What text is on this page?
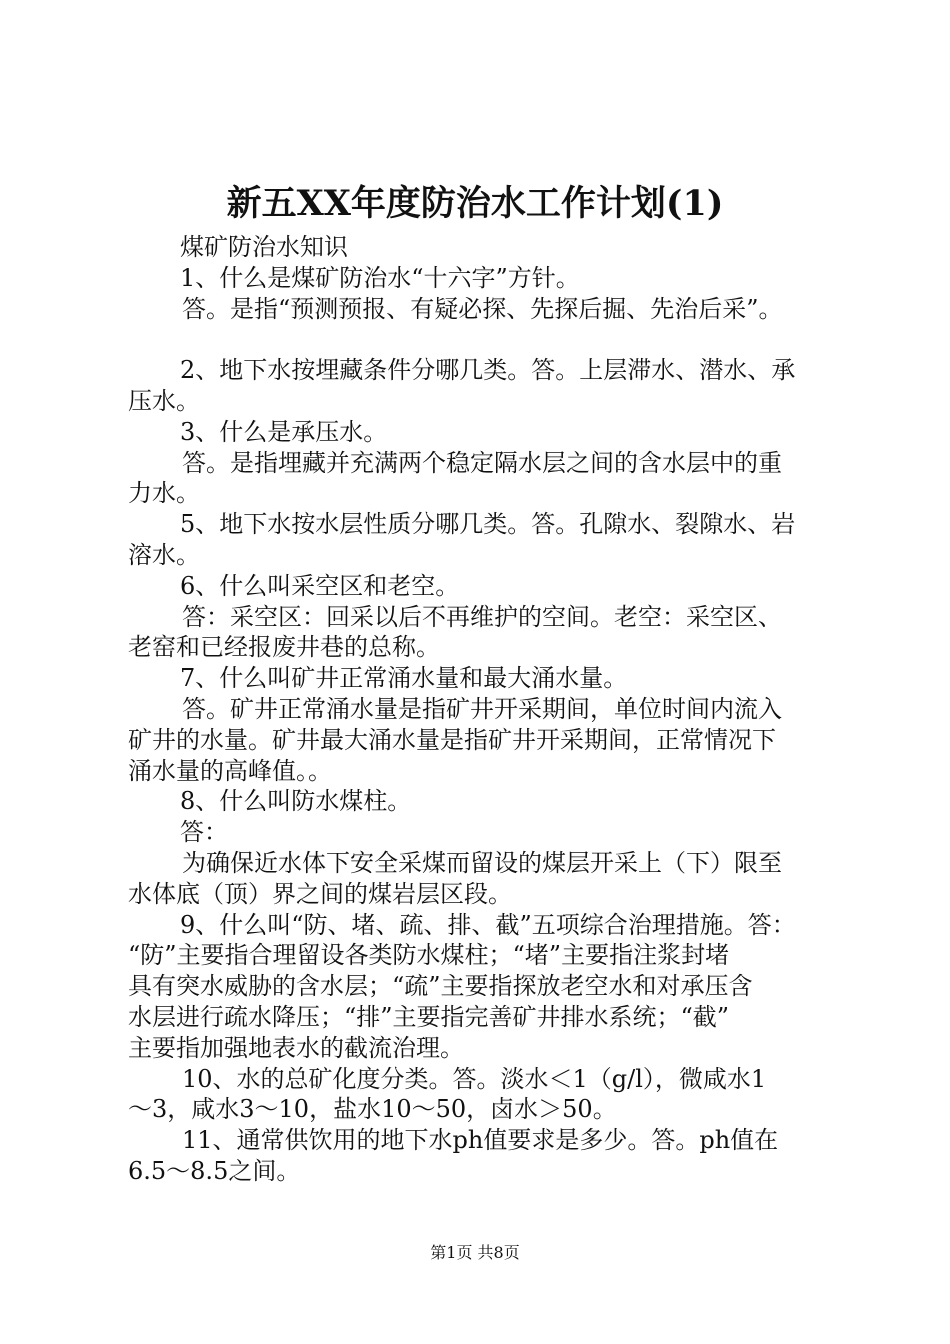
新五XX年度防治水工作计划(1)
煤矿防治水知识
1、什么是煤矿防治水“十六字”方针。
答。是指“预测预报、有疑必探、先探后掘、先治后采”。
2、地下水按埋藏条件分哪几类。答。上层滞水、潜水、承
压水。
3、什么是承压水。
答。是指埋藏并充满两个稳定隔水层之间的含水层中的重
力水。
5、地下水按水层性质分哪几类。答。孔隙水、裂隙水、岩
溶水。
6、什么叫采空区和老空。
答：采空区：回采以后不再维护的空间。老空：采空区、
老窑和已经报废井巷的总称。
7、什么叫矿井正常涌水量和最大涌水量。
答。矿井正常涌水量是指矿井开采期间，单位时间内流入
矿井的水量。矿井最大涌水量是指矿井开采期间，正常情况下
涌水量的高峰值。。
8、什么叫防水煤柱。
答：
为确保近水体下安全采煤而留设的煤层开采上（下）限至
水体底（顶）界之间的煤岩层区段。
9、什么叫“防、堵、疏、排、截”五项综合治理措施。答：
“防”主要指合理留设各类防水煤柱；“堵”主要指注浆封堵
具有突水威胁的含水层；“疏”主要指探放老空水和对承压含
水层进行疏水降压；“排”主要指完善矿井排水系统；“截”
主要指加强地表水的截流治理。
10、水的总矿化度分类。答。淡水＜1（g/l），微咸水1
～3，咸水3～10，盐水10～50，卤水＞50。
11、通常供饮用的地下水ph值要求是多少。答。ph值在
6.5～8.5之间。
第1页 共8页
